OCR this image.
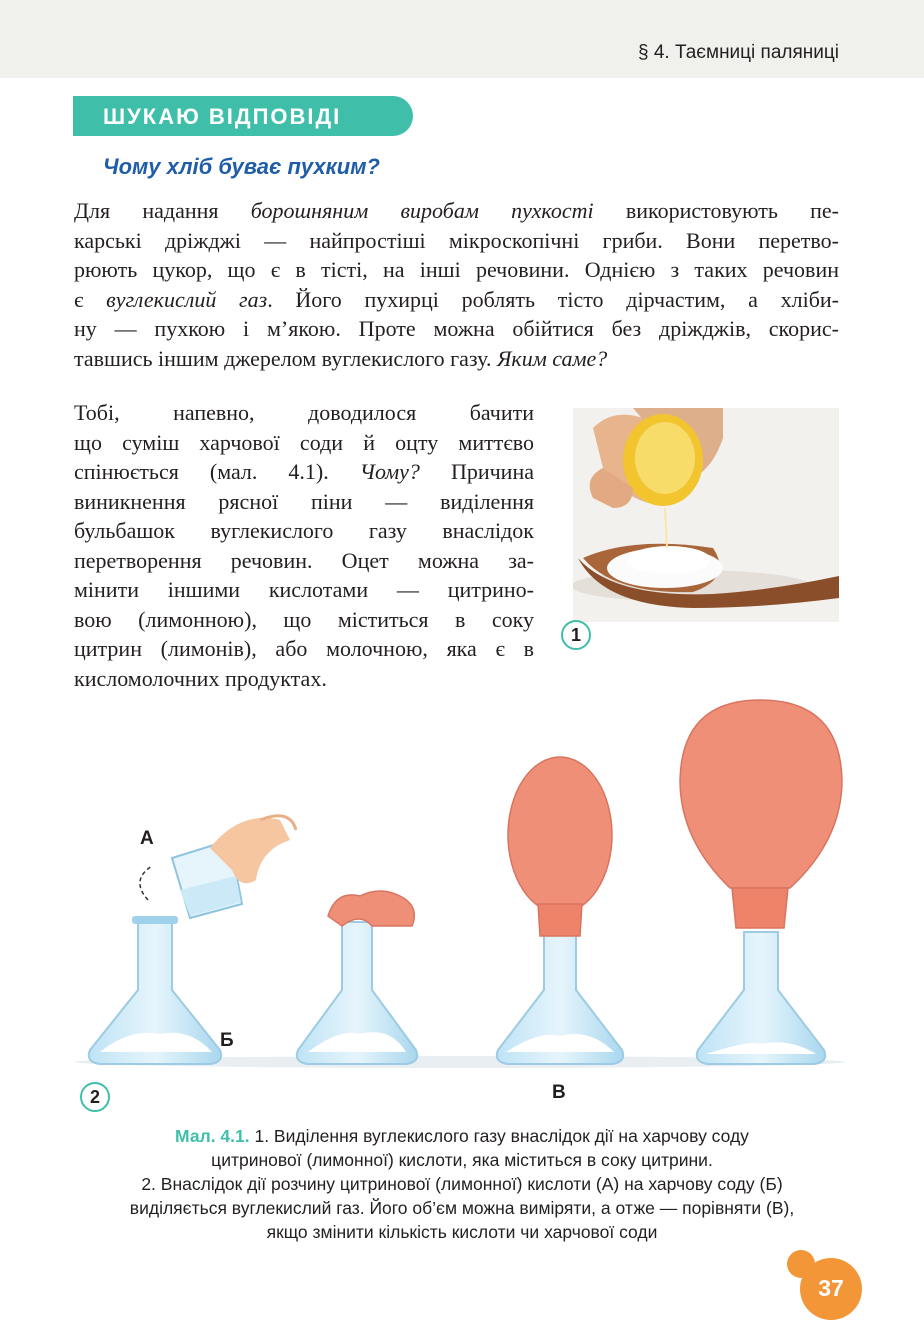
§ 4. Таємниці паляниці
ШУКАЮ ВІДПОВІДІ
Чому хліб буває пухким?
Для надання борошняним виробам пухкості використовують пе-
карські дріжджі — найпростіші мікроскопічні гриби. Вони перетво-
рюють цукор, що є в тісті, на інші речовини. Однією з таких речовин
є вуглекислий газ. Його пухирці роблять тісто дірчастим, а хліби-
ну — пухкою і м’якою. Проте можна обійтися без дріжджів, скорис-
тавшись іншим джерелом вуглекислого газу. Яким саме?
Тобі, напевно, доводилося бачити
що суміш харчової соди й оцту миттєво
спінюється (мал. 4.1). Чому? Причина
виникнення рясної піни — виділення
бульбашок вуглекислого газу внаслідок
перетворення речовин. Оцет можна за-
мінити іншими кислотами — цитрино-
вою (лимонною), що міститься в соку
цитрин (лимонів), або молочною, яка є в
кисломолочних продуктах.
1
А
Б
В
2
Мал. 4.1. 1. Виділення вуглекислого газу внаслідок дії на харчову соду
цитринової (лимонної) кислоти, яка міститься в соку цитрини.
2. Внаслідок дії розчину цитринової (лимонної) кислоти (А) на харчову соду (Б)
виділяється вуглекислий газ. Його об’єм можна виміряти, а отже — порівняти (В),
якщо змінити кількість кислоти чи харчової соди
37
